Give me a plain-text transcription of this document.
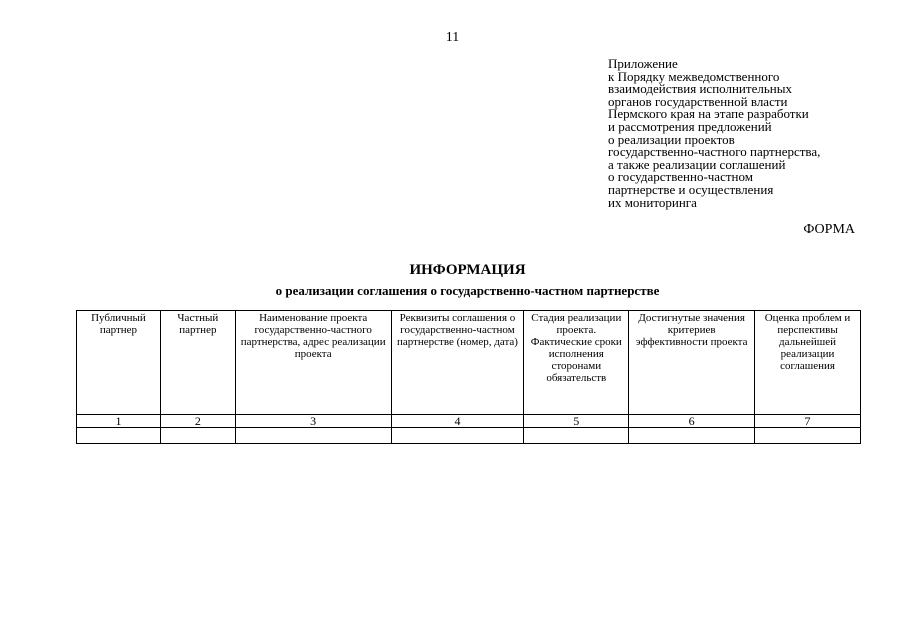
11
Приложение
к Порядку межведомственного
взаимодействия исполнительных
органов государственной власти
Пермского края на этапе разработки
и рассмотрения предложений
о реализации проектов
государственно-частного партнерства,
а также реализации соглашений
о государственно-частном
партнерстве и осуществления
их мониторинга
ФОРМА
ИНФОРМАЦИЯ
о реализации соглашения о государственно-частном партнерстве
Публичный партнер	Частный партнер	Наименование проекта государственно-частного партнерства, адрес реализации проекта	Реквизиты соглашения о государственно-частном партнерстве (номер, дата)	Стадия реализации проекта. Фактические сроки исполнения сторонами обязательств	Достигнутые значения критериев эффективности проекта	Оценка проблем и перспективы дальнейшей реализации соглашения
1	2	3	4	5	6	7
